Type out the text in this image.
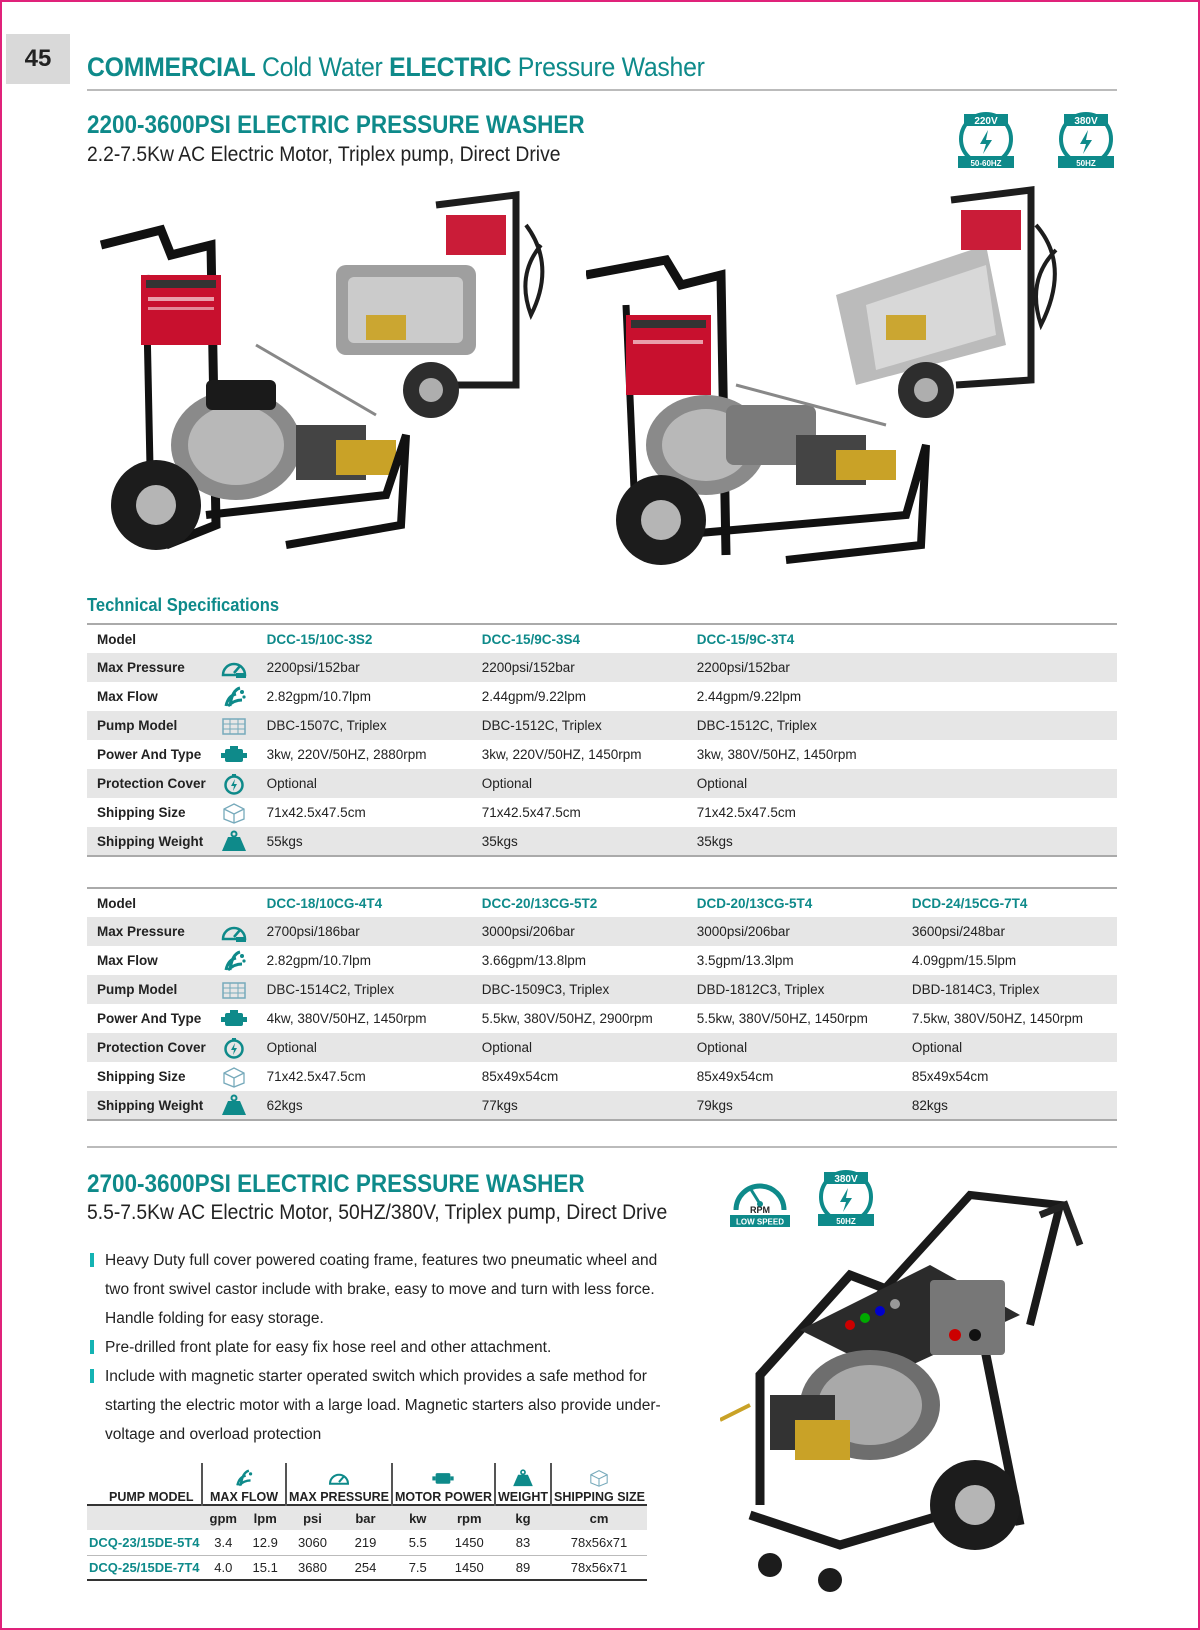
45	COMMERCIAL Cold Water ELECTRIC Pressure Washer
2200-3600PSI ELECTRIC PRESSURE WASHER
2.2-7.5Kw AC Electric Motor, Triplex pump, Direct Drive
220V
50-60HZ
380V
50HZ
Technical Specifications
Model		DCC-15/10C-3S2	DCC-15/9C-3S4	DCC-15/9C-3T4	
Max Pressure		2200psi/152bar	2200psi/152bar	2200psi/152bar	
Max Flow		2.82gpm/10.7lpm	2.44gpm/9.22lpm	2.44gpm/9.22lpm	
Pump Model		DBC-1507C, Triplex	DBC-1512C, Triplex	DBC-1512C, Triplex	
Power And Type		3kw, 220V/50HZ, 2880rpm	3kw, 220V/50HZ, 1450rpm	3kw, 380V/50HZ, 1450rpm	
Protection Cover		Optional	Optional	Optional	
Shipping Size		71x42.5x47.5cm	71x42.5x47.5cm	71x42.5x47.5cm	
Shipping Weight		55kgs	35kgs	35kgs	
Model		DCC-18/10CG-4T4	DCC-20/13CG-5T2	DCD-20/13CG-5T4	DCD-24/15CG-7T4
Max Pressure		2700psi/186bar	3000psi/206bar	3000psi/206bar	3600psi/248bar
Max Flow		2.82gpm/10.7lpm	3.66gpm/13.8lpm	3.5gpm/13.3lpm	4.09gpm/15.5lpm
Pump Model		DBC-1514C2, Triplex	DBC-1509C3, Triplex	DBD-1812C3, Triplex	DBD-1814C3, Triplex
Power And Type		4kw, 380V/50HZ, 1450rpm	5.5kw, 380V/50HZ, 2900rpm	5.5kw, 380V/50HZ, 1450rpm	7.5kw, 380V/50HZ, 1450rpm
Protection Cover		Optional	Optional	Optional	Optional
Shipping Size		71x42.5x47.5cm	85x49x54cm	85x49x54cm	85x49x54cm
Shipping Weight		62kgs	77kgs	79kgs	82kgs
2700-3600PSI ELECTRIC PRESSURE WASHER
5.5-7.5Kw AC Electric Motor, 50HZ/380V, Triplex pump, Direct Drive	RPM
LOW SPEED
380V
50HZ
Heavy Duty full cover powered coating frame, features two pneumatic wheel and two front swivel castor include with brake, easy to move and turn with less force. Handle folding for easy storage.
Pre-drilled front plate for easy fix hose reel and other attachment.
Include with magnetic starter operated switch which provides a safe method for starting the electric motor with a large load. Magnetic starters also provide under-voltage and overload protection
PUMP MODEL	MAX FLOW		MAX PRESSURE		MOTOR POWER		WEIGHT	SHIPPING SIZE
	gpm	lpm	psi	bar	kw	rpm	kg	cm
DCQ-23/15DE-5T4	3.4	12.9	3060	219	5.5	1450	83	78x56x71
DCQ-25/15DE-7T4	4.0	15.1	3680	254	7.5	1450	89	78x56x71
